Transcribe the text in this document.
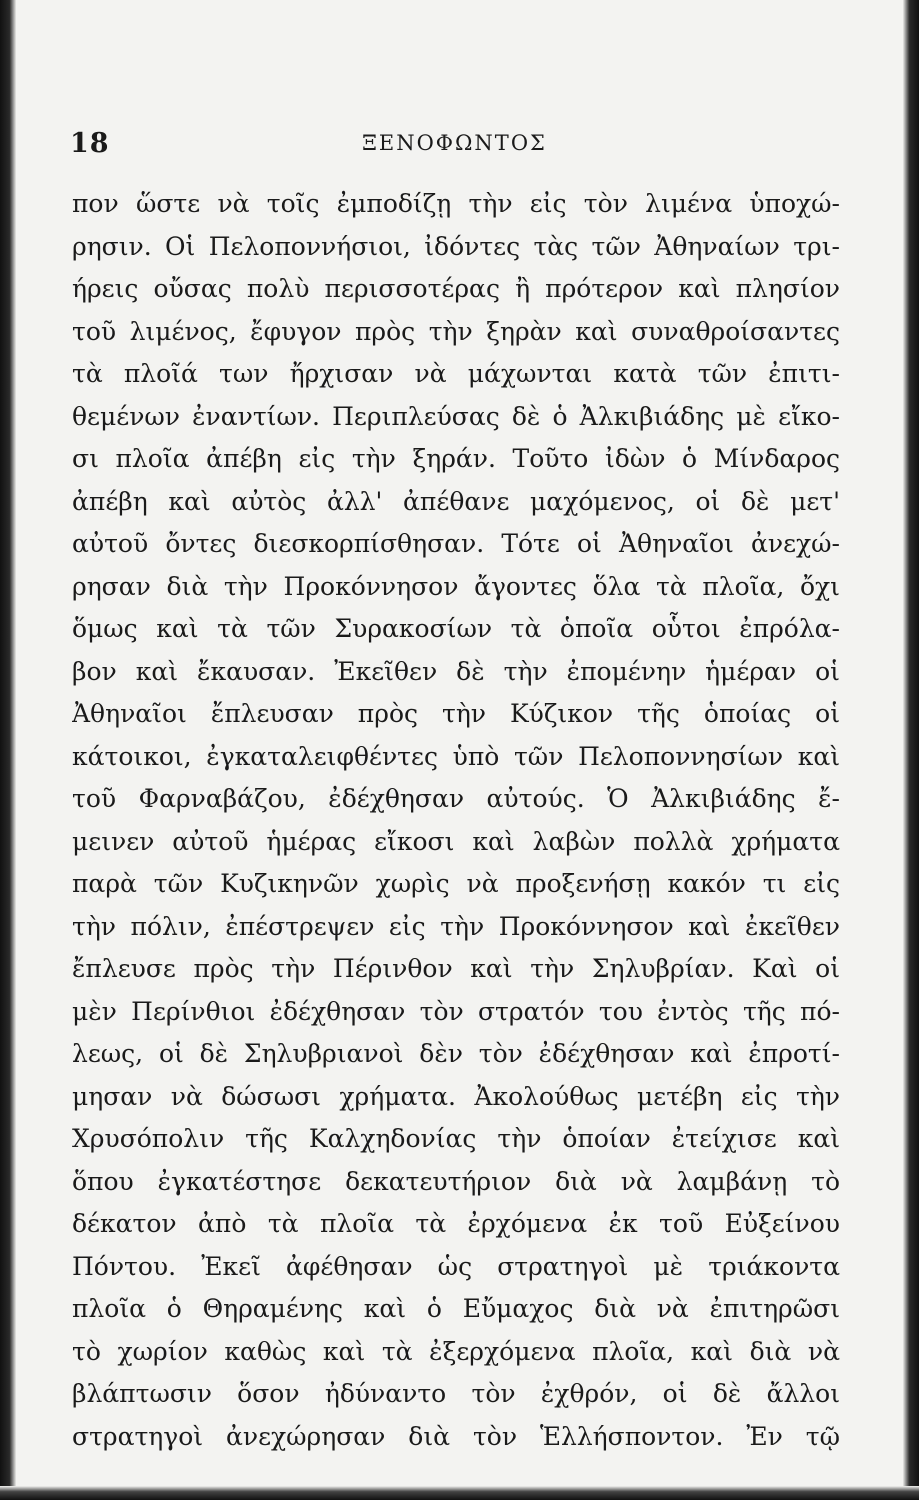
18	ΞΕΝΟΦΩΝΤΟΣ
πον ὥστε νὰ τοῖς ἐμποδίζῃ τὴν εἰς τὸν λιμένα ὑποχώ-
ρησιν. Οἱ Πελοποννήσιοι, ἰδόντες τὰς τῶν Ἀθηναίων τρι-
ήρεις οὔσας πολὺ περισσοτέρας ἢ πρότερον καὶ πλησίον
τοῦ λιμένος, ἔφυγον πρὸς τὴν ξηρὰν καὶ συναθροίσαντες
τὰ πλοῖά των ἤρχισαν νὰ μάχωνται κατὰ τῶν ἐπιτι-
θεμένων ἐναντίων. Περιπλεύσας δὲ ὁ Ἀλκιβιάδης μὲ εἴκο-
σι πλοῖα ἀπέβη εἰς τὴν ξηράν. Τοῦτο ἰδὼν ὁ Μίνδαρος
ἀπέβη καὶ αὐτὸς ἀλλ' ἀπέθανε μαχόμενος, οἱ δὲ μετ'
αὐτοῦ ὄντες διεσκορπίσθησαν. Τότε οἱ Ἀθηναῖοι ἀνεχώ-
ρησαν διὰ τὴν Προκόννησον ἄγοντες ὅλα τὰ πλοῖα, ὄχι
ὅμως καὶ τὰ τῶν Συρακοσίων τὰ ὁποῖα οὗτοι ἐπρόλα-
βον καὶ ἔκαυσαν. Ἐκεῖθεν δὲ τὴν ἐπομένην ἡμέραν οἱ
Ἀθηναῖοι ἔπλευσαν πρὸς τὴν Κύζικον τῆς ὁποίας οἱ
κάτοικοι, ἐγκαταλειφθέντες ὑπὸ τῶν Πελοποννησίων καὶ
τοῦ Φαρναβάζου, ἐδέχθησαν αὐτούς. Ὁ Ἀλκιβιάδης ἔ-
μεινεν αὐτοῦ ἡμέρας εἴκοσι καὶ λαβὼν πολλὰ χρήματα
παρὰ τῶν Κυζικηνῶν χωρὶς νὰ προξενήσῃ κακόν τι εἰς
τὴν πόλιν, ἐπέστρεψεν εἰς τὴν Προκόννησον καὶ ἐκεῖθεν
ἔπλευσε πρὸς τὴν Πέρινθον καὶ τὴν Σηλυβρίαν. Καὶ οἱ
μὲν Περίνθιοι ἐδέχθησαν τὸν στρατόν του ἐντὸς τῆς πό-
λεως, οἱ δὲ Σηλυβριανοὶ δὲν τὸν ἐδέχθησαν καὶ ἐπροτί-
μησαν νὰ δώσωσι χρήματα. Ἀκολούθως μετέβη εἰς τὴν
Χρυσόπολιν τῆς Καλχηδονίας τὴν ὁποίαν ἐτείχισε καὶ
ὅπου ἐγκατέστησε δεκατευτήριον διὰ νὰ λαμβάνῃ τὸ
δέκατον ἀπὸ τὰ πλοῖα τὰ ἐρχόμενα ἐκ τοῦ Εὐξείνου
Πόντου. Ἐκεῖ ἀφέθησαν ὡς στρατηγοὶ μὲ τριάκοντα
πλοῖα ὁ Θηραμένης καὶ ὁ Εὔμαχος διὰ νὰ ἐπιτηρῶσι
τὸ χωρίον καθὼς καὶ τὰ ἐξερχόμενα πλοῖα, καὶ διὰ νὰ
βλάπτωσιν ὅσον ἠδύναντο τὸν ἐχθρόν, οἱ δὲ ἄλλοι
στρατηγοὶ ἀνεχώρησαν διὰ τὸν Ἑλλήσποντον. Ἐν τῷ
